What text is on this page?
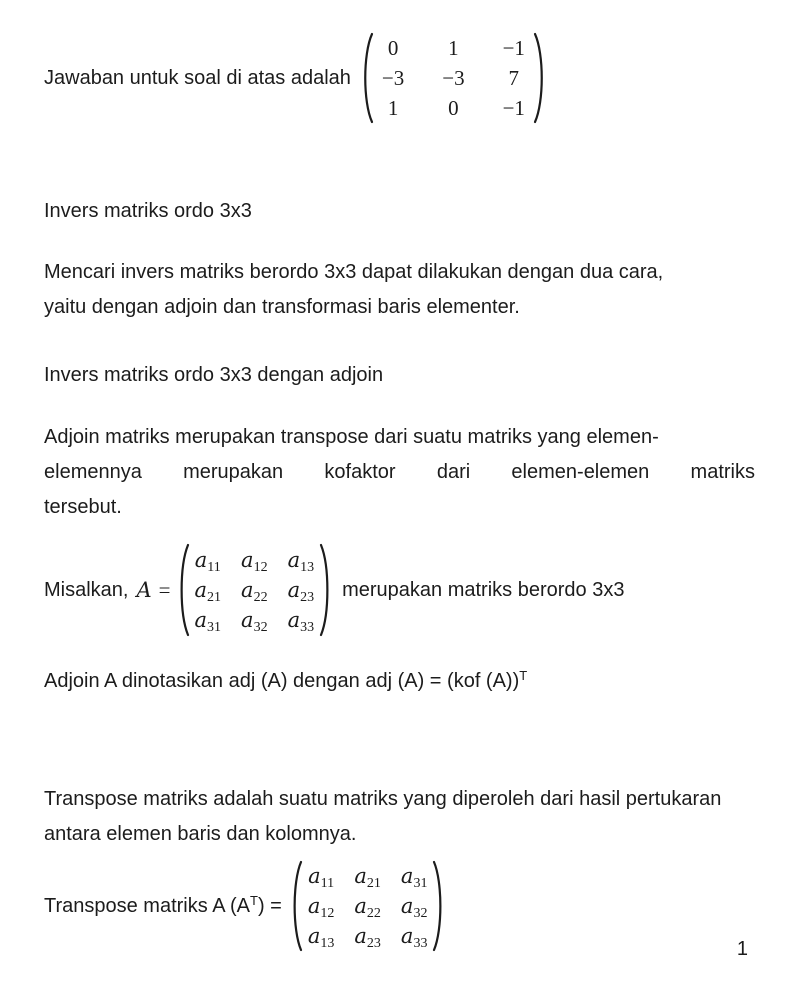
Jawaban untuk soal di atas adalah
0 1 −1
−3 −3 7
1 0 −1
Invers matriks ordo 3x3
Mencari invers matriks berordo 3x3 dapat dilakukan dengan dua cara,
yaitu dengan adjoin dan transformasi baris elementer.
Invers matriks ordo 3x3 dengan adjoin
Adjoin matriks merupakan transpose dari suatu matriks yang elemen-
elemennya merupakan kofaktor dari elemen-elemen matriks
tersebut.
Misalkan, A =
$a_{11}$ $a_{12}$ $a_{13}$
$a_{21}$ $a_{22}$ $a_{23}$
$a_{31}$ $a_{32}$ $a_{33}$
merupakan matriks berordo 3x3
Adjoin A dinotasikan adj (A) dengan adj (A) = (kof (A))$^T$
Transpose matriks adalah suatu matriks yang diperoleh dari hasil pertukaran
antara elemen baris dan kolomnya.
Transpose matriks A $(A^T)$ =
$a_{11}$ $a_{21}$ $a_{31}$
$a_{12}$ $a_{22}$ $a_{32}$
$a_{13}$ $a_{23}$ $a_{33}$	1
